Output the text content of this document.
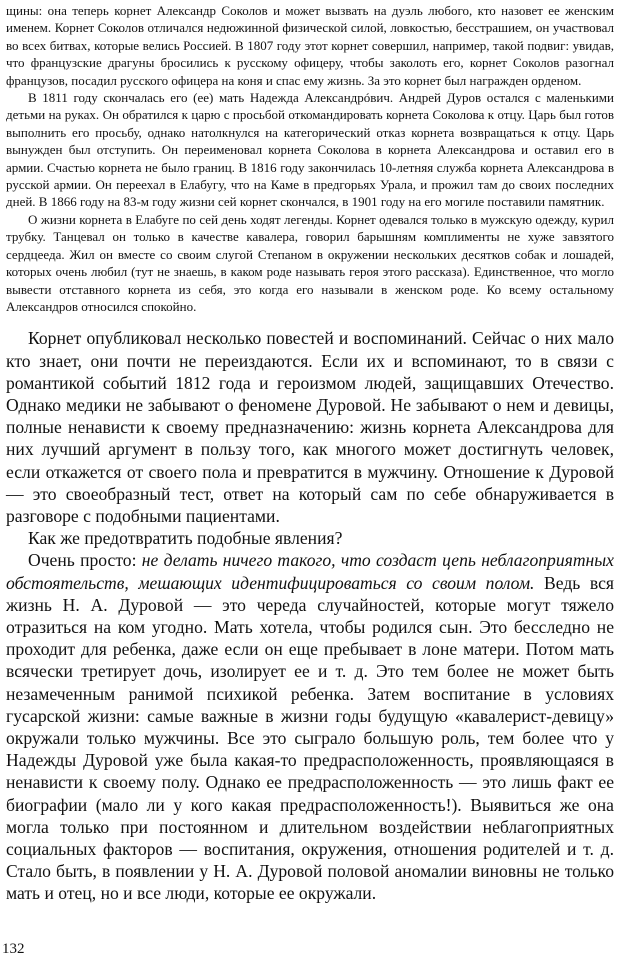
щины: она теперь корнет Александр Соколов и может вызвать на дуэль любого, кто назовет ее женским именем. Корнет Соколов отличался недюжинной физической силой, ловкостью, бесстрашием, он участвовал во всех битвах, которые велись Россией. В 1807 году этот корнет совершил, например, такой подвиг: увидав, что французские драгуны бросились к русскому офицеру, чтобы заколоть его, корнет Соколов разогнал французов, посадил русского офицера на коня и спас ему жизнь. За это корнет был награжден орденом.

В 1811 году скончалась его (ее) мать Надежда Александрóвич. Андрей Дуров остался с маленькими детьми на руках. Он обратился к царю с просьбой откомандировать корнета Соколова к отцу. Царь был готов выполнить его просьбу, однако натолкнулся на категорический отказ корнета возвращаться к отцу. Царь вынужден был отступить. Он переименовал корнета Соколова в корнета Александрова и оставил его в армии. Счастью корнета не было границ. В 1816 году закончилась 10-летняя служба корнета Александрова в русской армии. Он переехал в Елабугу, что на Каме в предгорьях Урала, и прожил там до своих последних дней. В 1866 году на 83-м году жизни сей корнет скончался, в 1901 году на его могиле поставили памятник.

О жизни корнета в Елабуге по сей день ходят легенды. Корнет одевался только в мужскую одежду, курил трубку. Танцевал он только в качестве кавалера, говорил барышням комплименты не хуже завзятого сердцееда. Жил он вместе со своим слугой Степаном в окружении нескольких десятков собак и лошадей, которых очень любил (тут не знаешь, в каком роде называть героя этого рассказа). Единственное, что могло вывести отставного корнета из себя, это когда его называли в женском роде. Ко всему остальному Александров относился спокойно.

Корнет опубликовал несколько повестей и воспоминаний. Сейчас о них мало кто знает, они почти не переиздаются. Если их и вспоминают, то в связи с романтикой событий 1812 года и героизмом людей, защищавших Отечество. Однако медики не забывают о феномене Дуровой. Не забывают о нем и девицы, полные ненависти к своему предназначению: жизнь корнета Александрова для них лучший аргумент в пользу того, как многого может достигнуть человек, если откажется от своего пола и превратится в мужчину. Отношение к Дуровой — это своеобразный тест, ответ на который сам по себе обнаруживается в разговоре с подобными пациентами.

Как же предотвратить подобные явления?

Очень просто: не делать ничего такого, что создаст цепь неблагоприятных обстоятельств, мешающих идентифицироваться со своим полом. Ведь вся жизнь Н. А. Дуровой — это череда случайностей, которые могут тяжело отразиться на ком угодно. Мать хотела, чтобы родился сын. Это бесследно не проходит для ребенка, даже если он еще пребывает в лоне матери. Потом мать всячески третирует дочь, изолирует ее и т. д. Это тем более не может быть незамеченным ранимой психикой ребенка. Затем воспитание в условиях гусарской жизни: самые важные в жизни годы будущую «кавалерист-девицу» окружали только мужчины. Все это сыграло большую роль, тем более что у Надежды Дуровой уже была какая-то предрасположенность, проявляющаяся в ненависти к своему полу. Однако ее предрасположенность — это лишь факт ее биографии (мало ли у кого какая предрасположенность!). Выявиться же она могла только при постоянном и длительном воздействии неблагоприятных социальных факторов — воспитания, окружения, отношения родителей и т. д. Стало быть, в появлении у Н. А. Дуровой половой аномалии виновны не только мать и отец, но и все люди, которые ее окружали.

132
